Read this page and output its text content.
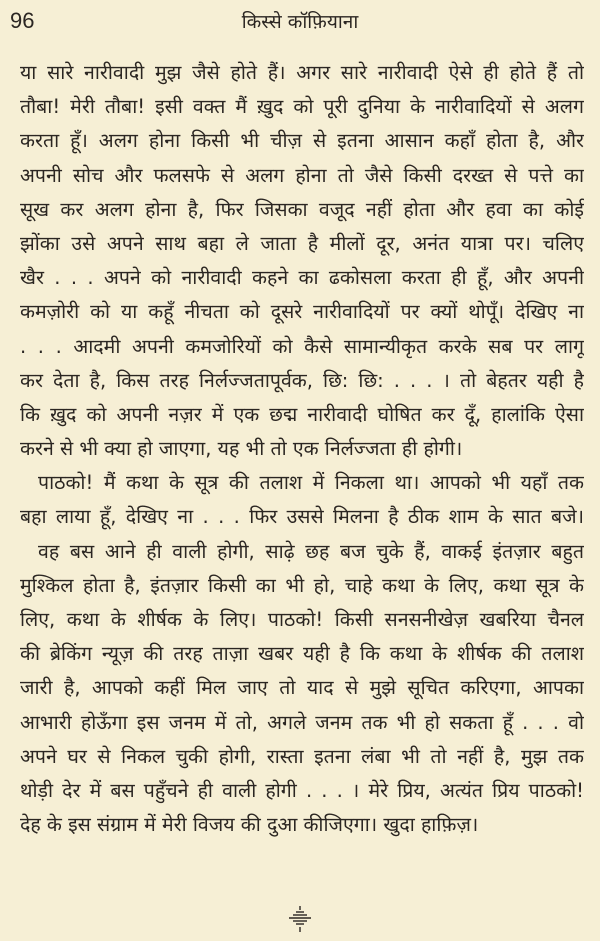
96	किस्से कॉफ़ियाना
या सारे नारीवादी मुझ जैसे होते हैं। अगर सारे नारीवादी ऐसे ही होते हैं तो
तौबा! मेरी तौबा! इसी वक्त मैं ख़ुद को पूरी दुनिया के नारीवादियों से अलग
करता हूँ। अलग होना किसी भी चीज़ से इतना आसान कहाँ होता है, और
अपनी सोच और फलसफे से अलग होना तो जैसे किसी दरख्त से पत्ते का
सूख कर अलग होना है, फिर जिसका वजूद नहीं होता और हवा का कोई
झोंका उसे अपने साथ बहा ले जाता है मीलों दूर, अनंत यात्रा पर। चलिए
खैर . . . अपने को नारीवादी कहने का ढकोसला करता ही हूँ, और अपनी
कमज़ोरी को या कहूँ नीचता को दूसरे नारीवादियों पर क्यों थोपूँ। देखिए ना
. . . आदमी अपनी कमजोरियों को कैसे सामान्यीकृत करके सब पर लागू
कर देता है, किस तरह निर्लज्जतापूर्वक, छि: छि: . . . । तो बेहतर यही है
कि ख़ुद को अपनी नज़र में एक छद्म नारीवादी घोषित कर दूँ, हालांकि ऐसा
करने से भी क्या हो जाएगा, यह भी तो एक निर्लज्जता ही होगी।
पाठको! मैं कथा के सूत्र की तलाश में निकला था। आपको भी यहाँ तक
बहा लाया हूँ, देखिए ना . . . फिर उससे मिलना है ठीक शाम के सात बजे।
वह बस आने ही वाली होगी, साढ़े छह बज चुके हैं, वाकई इंतज़ार बहुत
मुश्किल होता है, इंतज़ार किसी का भी हो, चाहे कथा के लिए, कथा सूत्र के
लिए, कथा के शीर्षक के लिए। पाठको! किसी सनसनीखेज़ खबरिया चैनल
की ब्रेकिंग न्यूज़ की तरह ताज़ा खबर यही है कि कथा के शीर्षक की तलाश
जारी है, आपको कहीं मिल जाए तो याद से मुझे सूचित करिएगा, आपका
आभारी होऊँगा इस जनम में तो, अगले जनम तक भी हो सकता हूँ . . . वो
अपने घर से निकल चुकी होगी, रास्ता इतना लंबा भी तो नहीं है, मुझ तक
थोड़ी देर में बस पहुँचने ही वाली होगी . . . । मेरे प्रिय, अत्यंत प्रिय पाठको!
देह के इस संग्राम में मेरी विजय की दुआ कीजिएगा। खुदा हाफ़िज़।
